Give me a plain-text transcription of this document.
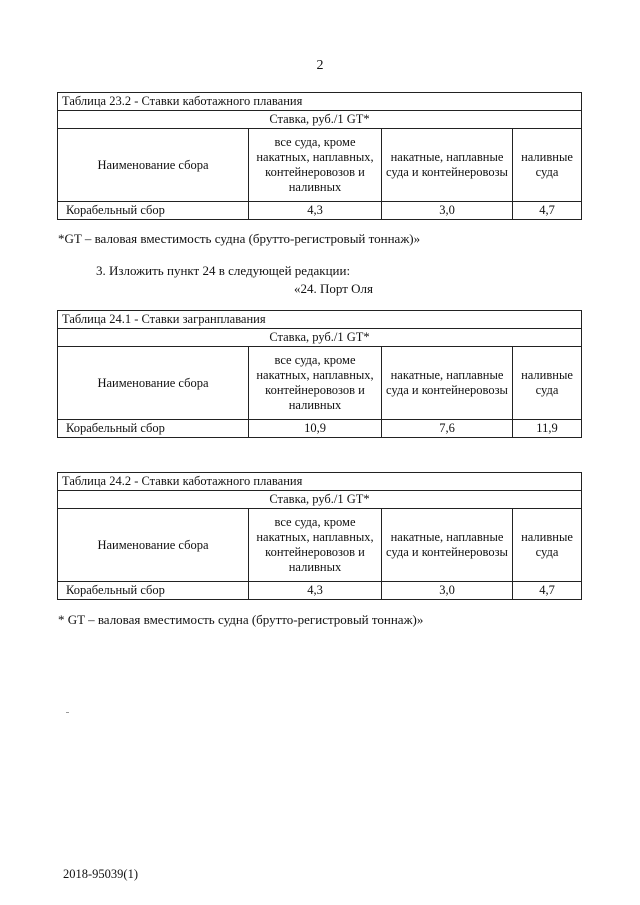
2
Таблица 23.2 - Ставки каботажного плавания			
Ставка, руб./1 GT*			
Наименование сбора	все суда, кроме накатных, наплавных, контейнеровозов и наливных	накатные, наплавные суда и контейнеровозы	наливные суда
Корабельный сбор	4,3	3,0	4,7
*GT – валовая вместимость судна (брутто-регистровый тоннаж)»
3. Изложить пункт 24 в следующей редакции:
«24. Порт Оля
Таблица 24.1 - Ставки загранплавания			
Ставка, руб./1 GT*			
Наименование сбора	все суда, кроме накатных, наплавных, контейнеровозов и наливных	накатные, наплавные суда и контейнеровозы	наливные суда
Корабельный сбор	10,9	7,6	11,9
Таблица 24.2 - Ставки каботажного плавания			
Ставка, руб./1 GT*			
Наименование сбора	все суда, кроме накатных, наплавных, контейнеровозов и наливных	накатные, наплавные суда и контейнеровозы	наливные суда
Корабельный сбор	4,3	3,0	4,7
* GT – валовая вместимость судна (брутто-регистровый тоннаж)»
2018-95039(1)
